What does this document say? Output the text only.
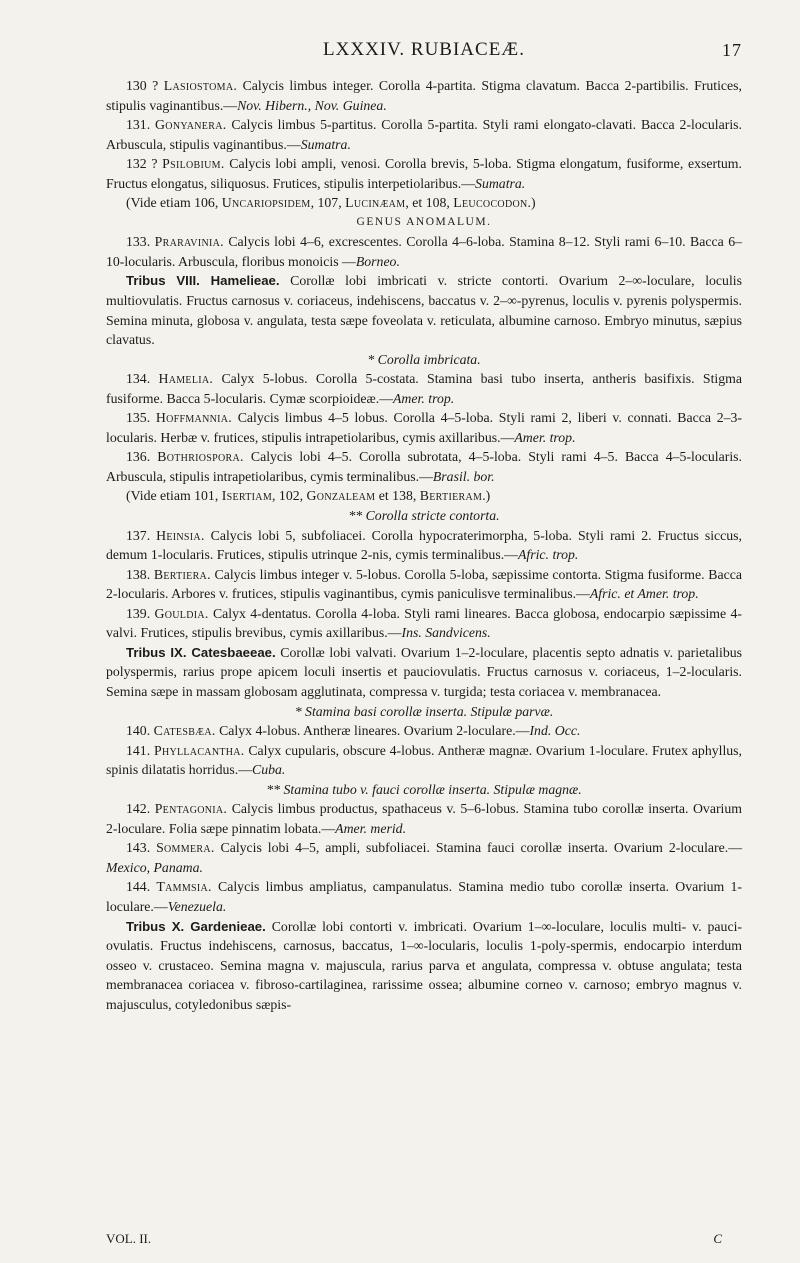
LXXXIV. RUBIACEÆ.	17

130 ? Lasiostoma. Calycis limbus integer. Corolla 4-partita. Stigma clavatum. Bacca 2-partibilis. Frutices, stipulis vaginantibus.—Nov. Hibern., Nov. Guinea.

131. Gonyanera. Calycis limbus 5-partitus. Corolla 5-partita. Styli rami elongato-clavati. Bacca 2-locularis. Arbuscula, stipulis vaginantibus.—Sumatra.

132 ? Psilobium. Calycis lobi ampli, venosi. Corolla brevis, 5-loba. Stigma elongatum, fusiforme, exsertum. Fructus elongatus, siliquosus. Frutices, stipulis interpetiolaribus.—Sumatra.

(Vide etiam 106, Uncariopsidem, 107, Lucinæam, et 108, Leucocodon.)

GENUS ANOMALUM.

133. Praravinia. Calycis lobi 4–6, excrescentes. Corolla 4–6-loba. Stamina 8–12. Styli rami 6–10. Bacca 6–10-locularis. Arbuscula, floribus monoicis —Borneo.

Tribus VIII. Hamelieae. Corollæ lobi imbricati v. stricte contorti. Ovarium 2–∞-loculare, loculis multiovulatis. Fructus carnosus v. coriaceus, indehiscens, baccatus v. 2–∞-pyrenus, loculis v. pyrenis polyspermis. Semina minuta, globosa v. angulata, testa sæpe foveolata v. reticulata, albumine carnoso. Embryo minutus, sæpius clavatus.

* Corolla imbricata.

134. Hamelia. Calyx 5-lobus. Corolla 5-costata. Stamina basi tubo inserta, antheris basifixis. Stigma fusiforme. Bacca 5-locularis. Cymæ scorpioideæ.—Amer. trop.

135. Hoffmannia. Calycis limbus 4–5 lobus. Corolla 4–5-loba. Styli rami 2, liberi v. connati. Bacca 2–3-locularis. Herbæ v. frutices, stipulis intrapetiolaribus, cymis axillaribus.—Amer. trop.

136. Bothriospora. Calycis lobi 4–5. Corolla subrotata, 4–5-loba. Styli rami 4–5. Bacca 4–5-locularis. Arbuscula, stipulis intrapetiolaribus, cymis terminalibus.—Brasil. bor.

(Vide etiam 101, Isertiam, 102, Gonzaleam et 138, Bertieram.)

** Corolla stricte contorta.

137. Heinsia. Calycis lobi 5, subfoliacei. Corolla hypocraterimorpha, 5-loba. Styli rami 2. Fructus siccus, demum 1-locularis. Frutices, stipulis utrinque 2-nis, cymis terminalibus.—Afric. trop.

138. Bertiera. Calycis limbus integer v. 5-lobus. Corolla 5-loba, sæpissime contorta. Stigma fusiforme. Bacca 2-locularis. Arbores v. frutices, stipulis vaginantibus, cymis paniculisve terminalibus.—Afric. et Amer. trop.

139. Gouldia. Calyx 4-dentatus. Corolla 4-loba. Styli rami lineares. Bacca globosa, endocarpio sæpissime 4-valvi. Frutices, stipulis brevibus, cymis axillaribus.—Ins. Sandvicens.

Tribus IX. Catesbaeeae. Corollæ lobi valvati. Ovarium 1–2-loculare, placentis septo adnatis v. parietalibus polyspermis, rarius prope apicem loculi insertis et pauciovulatis. Fructus carnosus v. coriaceus, 1–2-locularis. Semina sæpe in massam globosam agglutinata, compressa v. turgida; testa coriacea v. membranacea.

* Stamina basi corollæ inserta. Stipulæ parvæ.

140. Catesbæa. Calyx 4-lobus. Antheræ lineares. Ovarium 2-loculare.—Ind. Occ.

141. Phyllacantha. Calyx cupularis, obscure 4-lobus. Antheræ magnæ. Ovarium 1-loculare. Frutex aphyllus, spinis dilatatis horridus.—Cuba.

** Stamina tubo v. fauci corollæ inserta. Stipulæ magnæ.

142. Pentagonia. Calycis limbus productus, spathaceus v. 5–6-lobus. Stamina tubo corollæ inserta. Ovarium 2-loculare. Folia sæpe pinnatim lobata.—Amer. merid.

143. Sommera. Calycis lobi 4–5, ampli, subfoliacei. Stamina fauci corollæ inserta. Ovarium 2-loculare.—Mexico, Panama.

144. Tammsia. Calycis limbus ampliatus, campanulatus. Stamina medio tubo corollæ inserta. Ovarium 1-loculare.—Venezuela.

Tribus X. Gardenieae. Corollæ lobi contorti v. imbricati. Ovarium 1–∞-loculare, loculis multi- v. pauci-ovulatis. Fructus indehiscens, carnosus, baccatus, 1–∞-locularis, loculis 1-poly-spermis, endocarpio interdum osseo v. crustaceo. Semina magna v. majuscula, rarius parva et angulata, compressa v. obtuse angulata; testa membranacea coriacea v. fibroso-cartilaginea, rarissime ossea; albumine corneo v. carnoso; embryo magnus v. majusculus, cotyledonibus sæpis-

VOL. II.	C
